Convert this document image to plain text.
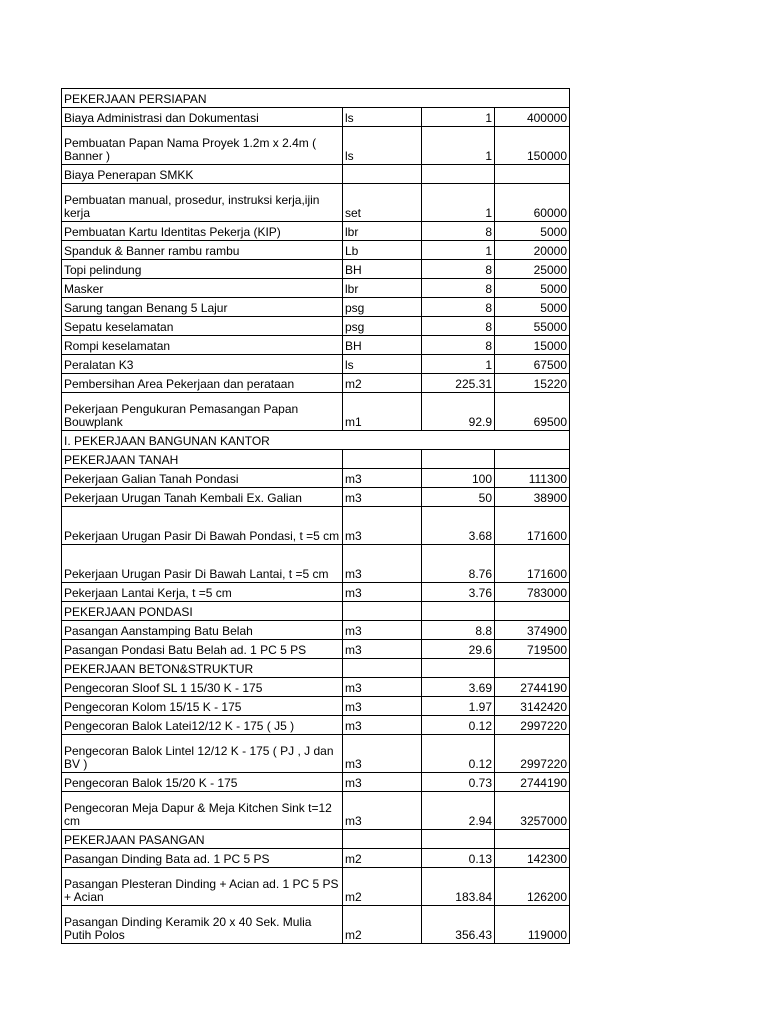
PEKERJAAN PERSIAPAN			
Biaya Administrasi dan Dokumentasi	ls	1	400000
Pembuatan Papan Nama Proyek 1.2m x 2.4m ( Banner )	ls	1	150000
Biaya Penerapan SMKK			
Pembuatan manual, prosedur, instruksi kerja,ijin kerja	set	1	60000
Pembuatan Kartu Identitas Pekerja (KIP)	lbr	8	5000
Spanduk & Banner rambu rambu	Lb	1	20000
Topi pelindung	BH	8	25000
Masker	lbr	8	5000
Sarung tangan Benang 5 Lajur	psg	8	5000
Sepatu keselamatan	psg	8	55000
Rompi keselamatan	BH	8	15000
Peralatan K3	ls	1	67500
Pembersihan Area Pekerjaan dan perataan	m2	225.31	15220
Pekerjaan Pengukuran Pemasangan Papan Bouwplank	m1	92.9	69500
I. PEKERJAAN BANGUNAN KANTOR			
PEKERJAAN TANAH			
Pekerjaan Galian Tanah Pondasi	m3	100	111300
Pekerjaan Urugan Tanah Kembali Ex. Galian	m3	50	38900
Pekerjaan Urugan Pasir Di Bawah Pondasi, t =5 cm	m3	3.68	171600
Pekerjaan Urugan Pasir Di Bawah Lantai, t =5 cm	m3	8.76	171600
Pekerjaan Lantai Kerja, t =5 cm	m3	3.76	783000
PEKERJAAN PONDASI			
Pasangan Aanstamping Batu Belah	m3	8.8	374900
Pasangan Pondasi Batu Belah ad. 1 PC 5 PS	m3	29.6	719500
PEKERJAAN BETON&STRUKTUR			
Pengecoran Sloof SL 1 15/30 K - 175	m3	3.69	2744190
Pengecoran Kolom 15/15 K - 175	m3	1.97	3142420
Pengecoran Balok Latei12/12 K - 175 ( J5 )	m3	0.12	2997220
Pengecoran Balok Lintel 12/12 K - 175 ( PJ , J dan BV )	m3	0.12	2997220
Pengecoran Balok 15/20 K - 175	m3	0.73	2744190
Pengecoran Meja Dapur & Meja Kitchen Sink t=12 cm	m3	2.94	3257000
PEKERJAAN PASANGAN			
Pasangan Dinding Bata ad. 1 PC 5 PS	m2	0.13	142300
Pasangan Plesteran Dinding + Acian ad. 1 PC 5 PS + Acian	m2	183.84	126200
Pasangan Dinding Keramik 20 x 40 Sek. Mulia Putih Polos	m2	356.43	119000
